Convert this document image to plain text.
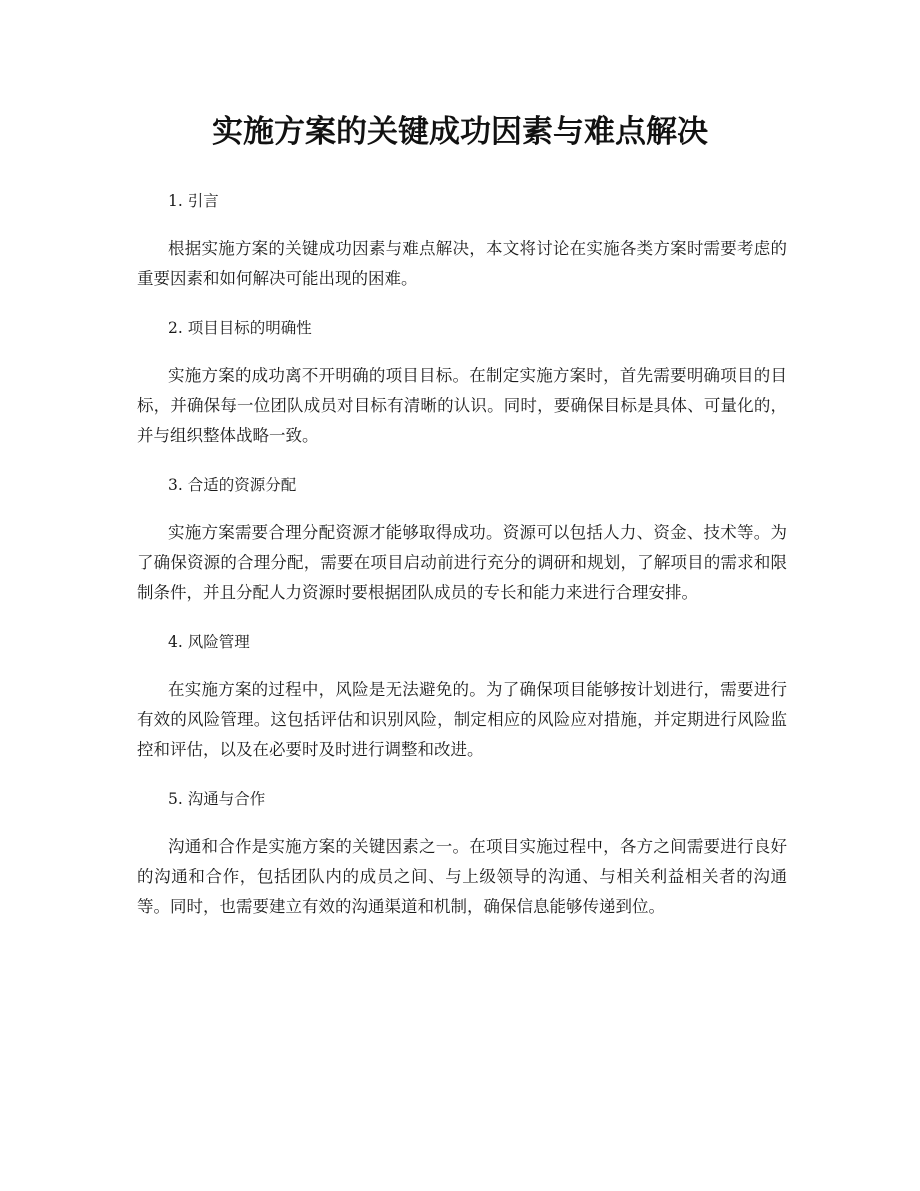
实施方案的关键成功因素与难点解决
1. 引言

根据实施方案的关键成功因素与难点解决，本文将讨论在实施各类方案时需要考虑的重要因素和如何解决可能出现的困难。

2. 项目目标的明确性

实施方案的成功离不开明确的项目目标。在制定实施方案时，首先需要明确项目的目标，并确保每一位团队成员对目标有清晰的认识。同时，要确保目标是具体、可量化的，并与组织整体战略一致。

3. 合适的资源分配

实施方案需要合理分配资源才能够取得成功。资源可以包括人力、资金、技术等。为了确保资源的合理分配，需要在项目启动前进行充分的调研和规划，了解项目的需求和限制条件，并且分配人力资源时要根据团队成员的专长和能力来进行合理安排。

4. 风险管理

在实施方案的过程中，风险是无法避免的。为了确保项目能够按计划进行，需要进行有效的风险管理。这包括评估和识别风险，制定相应的风险应对措施，并定期进行风险监控和评估，以及在必要时及时进行调整和改进。

5. 沟通与合作

沟通和合作是实施方案的关键因素之一。在项目实施过程中，各方之间需要进行良好的沟通和合作，包括团队内的成员之间、与上级领导的沟通、与相关利益相关者的沟通等。同时，也需要建立有效的沟通渠道和机制，确保信息能够传递到位。
